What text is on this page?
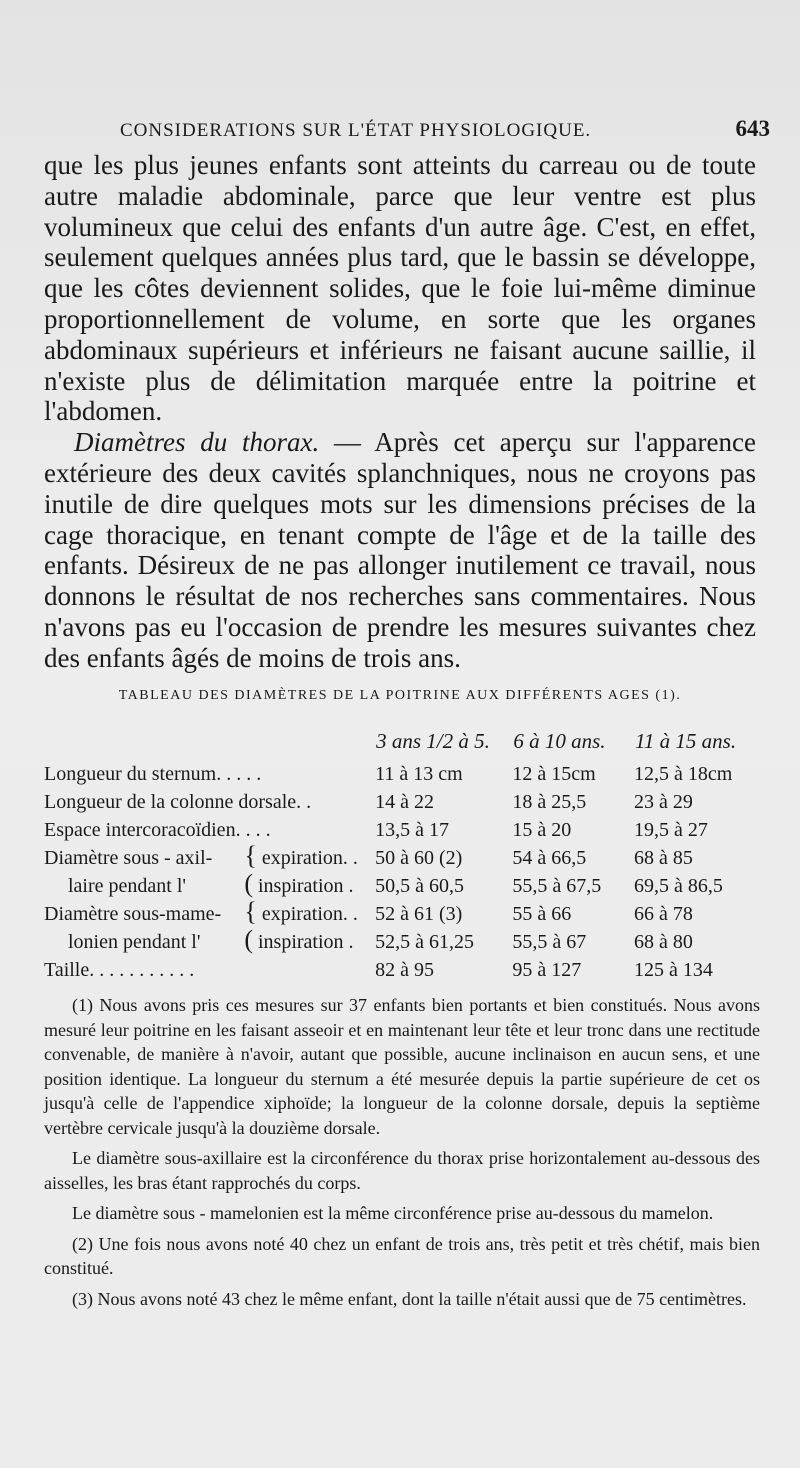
CONSIDERATIONS SUR L'ÉTAT PHYSIOLOGIQUE.	643

que les plus jeunes enfants sont atteints du carreau ou de toute autre maladie abdominale, parce que leur ventre est plus volumineux que celui des enfants d'un autre âge. C'est, en effet, seulement quelques années plus tard, que le bassin se développe, que les côtes deviennent solides, que le foie lui-même diminue proportionnellement de volume, en sorte que les organes abdominaux supérieurs et inférieurs ne faisant aucune saillie, il n'existe plus de délimitation marquée entre la poitrine et l'abdomen.

Diamètres du thorax. — Après cet aperçu sur l'apparence extérieure des deux cavités splanchniques, nous ne croyons pas inutile de dire quelques mots sur les dimensions précises de la cage thoracique, en tenant compte de l'âge et de la taille des enfants. Désireux de ne pas allonger inutilement ce travail, nous donnons le résultat de nos recherches sans commentaires. Nous n'avons pas eu l'occasion de prendre les mesures suivantes chez des enfants âgés de moins de trois ans.

TABLEAU DES DIAMÈTRES DE LA POITRINE AUX DIFFÉRENTS AGES (1).
		3 ans 1/2 à 5.	6 à 10 ans.	11 à 15 ans.
Longueur du sternum. . . . .		11 à 13 cm	12 à 15cm	12,5 à 18cm
Longueur de la colonne dorsale. .		14 à 22	18 à 25,5	23 à 29
Espace intercoracoïdien. . . .		13,5 à 17	15 à 20	19,5 à 27
Diamètre sous - axil-	{ expiration. .	50 à 60 (2)	54 à 66,5	68 à 85
laire pendant l'	( inspiration .	50,5 à 60,5	55,5 à 67,5	69,5 à 86,5
Diamètre sous-mame-	{ expiration. .	52 à 61 (3)	55 à 66	66 à 78
lonien pendant l'	( inspiration .	52,5 à 61,25	55,5 à 67	68 à 80
Taille. . . . . . . . . . .		82 à 95	95 à 127	125 à 134

(1) Nous avons pris ces mesures sur 37 enfants bien portants et bien constitués. Nous avons mesuré leur poitrine en les faisant asseoir et en maintenant leur tête et leur tronc dans une rectitude convenable, de manière à n'avoir, autant que possible, aucune inclinaison en aucun sens, et une position identique. La longueur du sternum a été mesurée depuis la partie supérieure de cet os jusqu'à celle de l'appendice xiphoïde; la longueur de la colonne dorsale, depuis la septième vertèbre cervicale jusqu'à la douzième dorsale.

Le diamètre sous-axillaire est la circonférence du thorax prise horizontalement au-dessous des aisselles, les bras étant rapprochés du corps.

Le diamètre sous - mamelonien est la même circonférence prise au-dessous du mamelon.

(2) Une fois nous avons noté 40 chez un enfant de trois ans, très petit et très chétif, mais bien constitué.

(3) Nous avons noté 43 chez le même enfant, dont la taille n'était aussi que de 75 centimètres.
